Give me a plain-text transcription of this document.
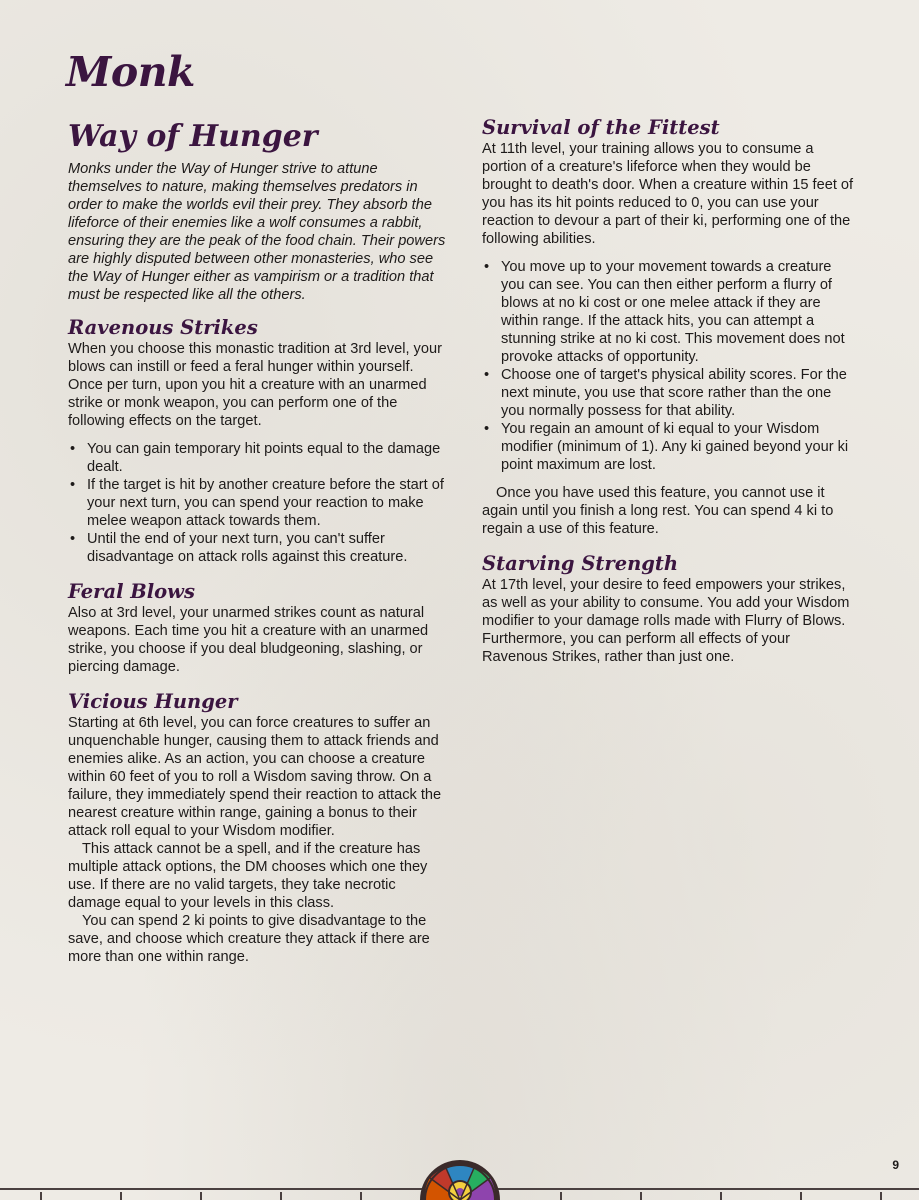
Monk
Way of Hunger

Monks under the Way of Hunger strive to attune themselves to nature, making themselves predators in order to make the worlds evil their prey. They absorb the lifeforce of their enemies like a wolf consumes a rabbit, ensuring they are the peak of the food chain. Their powers are highly disputed between other monasteries, who see the Way of Hunger either as vampirism or a tradition that must be respected like all the others.

Ravenous Strikes

When you choose this monastic tradition at 3rd level, your blows can instill or feed a feral hunger within yourself. Once per turn, upon you hit a creature with an unarmed strike or monk weapon, you can perform one of the following effects on the target.

• You can gain temporary hit points equal to the damage dealt.
• If the target is hit by another creature before the start of your next turn, you can spend your reaction to make melee weapon attack towards them.
• Until the end of your next turn, you can't suffer disadvantage on attack rolls against this creature.
Feral Blows

Also at 3rd level, your unarmed strikes count as natural weapons. Each time you hit a creature with an unarmed strike, you choose if you deal bludgeoning, slashing, or piercing damage.

Vicious Hunger

Starting at 6th level, you can force creatures to suffer an unquenchable hunger, causing them to attack friends and enemies alike. As an action, you can choose a creature within 60 feet of you to roll a Wisdom saving throw. On a failure, they immediately spend their reaction to attack the nearest creature within range, gaining a bonus to their attack roll equal to your Wisdom modifier.

This attack cannot be a spell, and if the creature has multiple attack options, the DM chooses which one they use. If there are no valid targets, they take necrotic damage equal to your levels in this class.

You can spend 2 ki points to give disadvantage to the save, and choose which creature they attack if there are more than one within range.

Survival of the Fittest

At 11th level, your training allows you to consume a portion of a creature's lifeforce when they would be brought to death's door. When a creature within 15 feet of you has its hit points reduced to 0, you can use your reaction to devour a part of their ki, performing one of the following abilities.

• You move up to your movement towards a creature you can see. You can then either perform a flurry of blows at no ki cost or one melee attack if they are within range. If the attack hits, you can attempt a stunning strike at no ki cost. This movement does not provoke attacks of opportunity.
• Choose one of target's physical ability scores. For the next minute, you use that score rather than the one you normally possess for that ability.
• You regain an amount of ki equal to your Wisdom modifier (minimum of 1). Any ki gained beyond your ki point maximum are lost.

Once you have used this feature, you cannot use it again until you finish a long rest. You can spend 4 ki to regain a use of this feature.

Starving Strength

At 17th level, your desire to feed empowers your strikes, as well as your ability to consume. You add your Wisdom modifier to your damage rolls made with Flurry of Blows. Furthermore, you can perform all effects of your Ravenous Strikes, rather than just one.

9
